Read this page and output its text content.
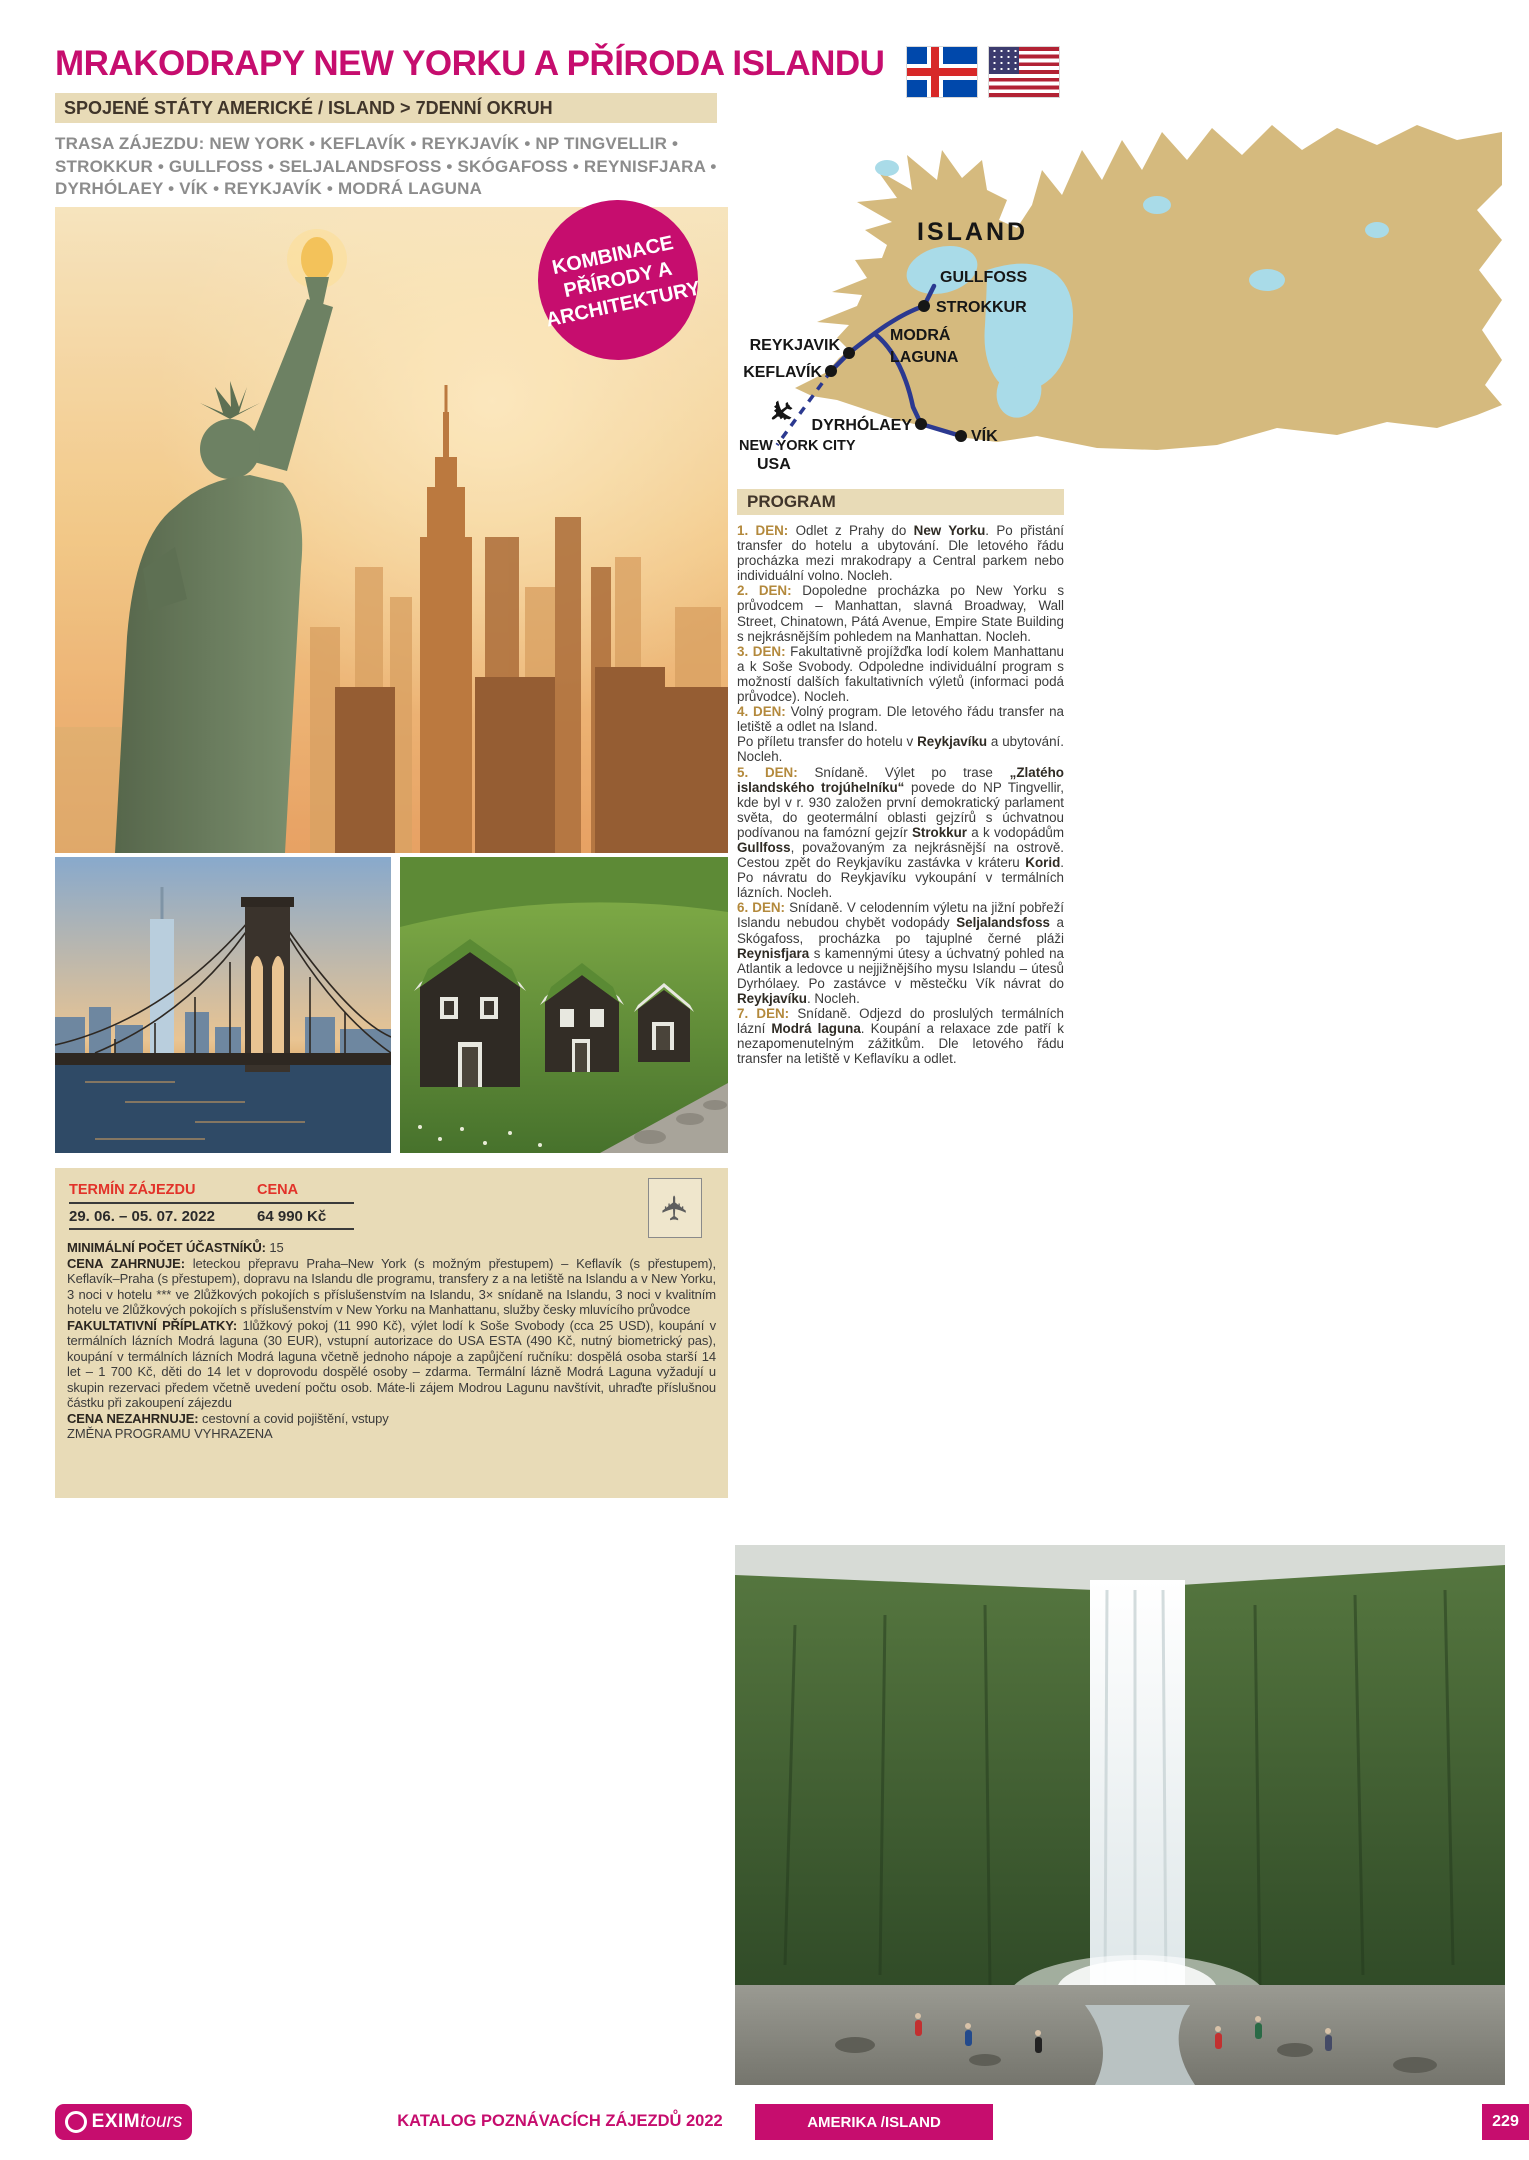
MRAKODRAPY NEW YORKU A PŘÍRODA ISLANDU
SPOJENÉ STÁTY AMERICKÉ / ISLAND > 7DENNÍ OKRUH
TRASA ZÁJEZDU: NEW YORK • KEFLAVÍK • REYKJAVÍK • NP TINGVELLIR • STROKKUR • GULLFOSS • SELJALANDSFOSS • SKÓGAFOSS • REYNISFJARA • DYRHÓLAEY • VÍK • REYKJAVÍK • MODRÁ LAGUNA
KOMBINACE
PŘÍRODY A
ARCHITEKTURY
✈
ISLAND
GULLFOSS
STROKKUR
MODRÁ
LAGUNA
REYKJAVIK
KEFLAVÍK
DYRHÓLAEY
VÍK
NEW YORK CITY
USA
PROGRAM

1. DEN: Odlet z Prahy do New Yorku. Po přistání transfer do hotelu a ubytování. Dle letového řádu procházka mezi mrakodrapy a Central parkem nebo individuální volno. Nocleh.

2. DEN: Dopoledne procházka po New Yorku s průvodcem – Manhattan, slavná Broadway, Wall Street, Chinatown, Pátá Avenue, Empire State Building s nejkrásnějším pohledem na Manhattan. Nocleh.

3. DEN: Fakultativně projížďka lodí kolem Manhattanu a k Soše Svobody. Odpoledne individuální program s možností dalších fakultativních výletů (informaci podá průvodce). Nocleh.

4. DEN: Volný program. Dle letového řádu transfer na letiště a odlet na Island.

Po příletu transfer do hotelu v Reykjavíku a ubytování. Nocleh.

5. DEN: Snídaně. Výlet po trase „Zlatého islandského trojúhelníku“ povede do NP Tingvellir, kde byl v r. 930 založen první demokratický parlament světa, do geotermální oblasti gejzírů s úchvatnou podívanou na famózní gejzír Strokkur a k vodopádům Gullfoss, považovaným za nejkrásnější na ostrově. Cestou zpět do Reykjavíku zastávka v kráteru Korid. Po návratu do Reykjavíku vykoupání v termálních lázních. Nocleh.

6. DEN: Snídaně. V celodenním výletu na jižní pobřeží Islandu nebudou chybět vodopády Seljalandsfoss a Skógafoss, procházka po tajuplné černé pláži Reynisfjara s kamennými útesy a úchvatný pohled na Atlantik a ledovce u nejjižnějšího mysu Islandu – útesů Dyrhólaey. Po zastávce v městečku Vík návrat do Reykjavíku. Nocleh.

7. DEN: Snídaně. Odjezd do proslulých termálních lázní Modrá laguna. Koupání a relaxace zde patří k nezapomenutelným zážitkům. Dle letového řádu transfer na letiště v Keflavíku a odlet.

TERMÍN ZÁJEZDU	CENA
29. 06. – 05. 07. 2022	64 990 Kč	✈

MINIMÁLNÍ POČET ÚČASTNÍKŮ: 15

CENA ZAHRNUJE: leteckou přepravu Praha–New York (s možným přestupem) – Keflavík (s přestupem), Keflavík–Praha (s přestupem), dopravu na Islandu dle programu, transfery z a na letiště na Islandu a v New Yorku, 3 noci v hotelu *** ve 2lůžkových pokojích s příslušenstvím na Islandu, 3× snídaně na Islandu, 3 noci v kvalitním hotelu ve 2lůžkových pokojích s příslušenstvím v New Yorku na Manhattanu, služby česky mluvícího průvodce

FAKULTATIVNÍ PŘÍPLATKY: 1lůžkový pokoj (11 990 Kč), výlet lodí k Soše Svobody (cca 25 USD), koupání v termálních lázních Modrá laguna (30 EUR), vstupní autorizace do USA ESTA (490 Kč, nutný biometrický pas), koupání v termálních lázních Modrá laguna včetně jednoho nápoje a zapůjčení ručníku: dospělá osoba starší 14 let – 1 700 Kč, děti do 14 let v doprovodu dospělé osoby – zdarma. Termální lázně Modrá Laguna vyžadují u skupin rezervaci předem včetně uvedení počtu osob. Máte-li zájem Modrou Lagunu navštívit, uhraďte příslušnou částku při zakoupení zájezdu

CENA NEZAHRNUJE: cestovní a covid pojištění, vstupy

ZMĚNA PROGRAMU VYHRAZENA

EXIM tours	KATALOG POZNÁVACÍCH ZÁJEZDŮ 2022	AMERIKA /ISLAND	229
